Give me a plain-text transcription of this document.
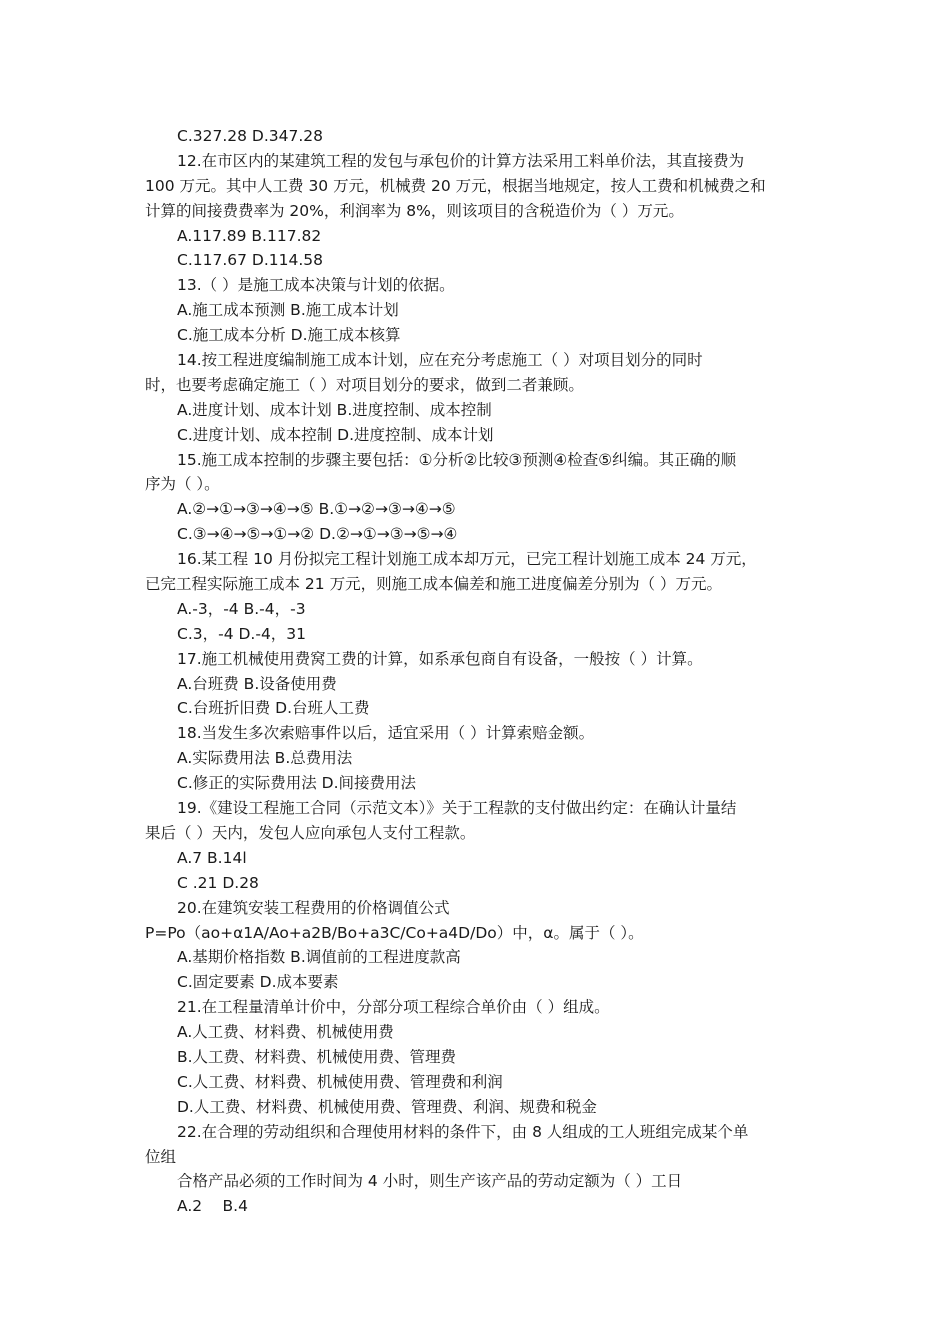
C.327.28 D.347.28
12.在市区内的某建筑工程的发包与承包价的计算方法采用工料单价法，其直接费为
100 万元。其中人工费 30 万元，机械费 20 万元，根据当地规定，按人工费和机械费之和
计算的间接费费率为 20%，利润率为 8%，则该项目的含税造价为（ ）万元。
A.117.89 B.117.82
C.117.67 D.114.58
13.（ ）是施工成本决策与计划的依据。
A.施工成本预测 B.施工成本计划
C.施工成本分析 D.施工成本核算
14.按工程进度编制施工成本计划，应在充分考虑施工（ ）对项目划分的同时
时，也要考虑确定施工（ ）对项目划分的要求，做到二者兼顾。
A.进度计划、成本计划 B.进度控制、成本控制
C.进度计划、成本控制 D.进度控制、成本计划
15.施工成本控制的步骤主要包括：①分析②比较③预测④检查⑤纠编。其正确的顺
序为（ ）。
A.②→①→③→④→⑤ B.①→②→③→④→⑤
C.③→④→⑤→①→② D.②→①→③→⑤→④
16.某工程 10 月份拟完工程计划施工成本却万元，已完工程计划施工成本 24 万元，
已完工程实际施工成本 21 万元，则施工成本偏差和施工进度偏差分别为（ ）万元。
A.-3，-4 B.-4，-3
C.3，-4 D.-4，31
17.施工机械使用费窝工费的计算，如系承包商自有设备，一般按（ ）计算。
A.台班费 B.设备使用费
C.台班折旧费 D.台班人工费
18.当发生多次索赔事件以后，适宜采用（ ）计算索赔金额。
A.实际费用法 B.总费用法
C.修正的实际费用法 D.间接费用法
19.《建设工程施工合同（示范文本）》关于工程款的支付做出约定：在确认计量结
果后（ ）天内，发包人应向承包人支付工程款。
A.7 B.14l
C .21 D.28
20.在建筑安装工程费用的价格调值公式
P=Po（ao+α1A/Ao+a2B/Bo+a3C/Co+a4D/Do）中，α。属于（ ）。
A.基期价格指数 B.调值前的工程进度款高
C.固定要素 D.成本要素
21.在工程量清单计价中，分部分项工程综合单价由（ ）组成。
A.人工费、材料费、机械使用费
B.人工费、材料费、机械使用费、管理费
C.人工费、材料费、机械使用费、管理费和利润
D.人工费、材料费、机械使用费、管理费、利润、规费和税金
22.在合理的劳动组织和合理使用材料的条件下，由 8 人组成的工人班组完成某个单
位组
合格产品必须的工作时间为 4 小时，则生产该产品的劳动定额为（ ）工日
A.2　 B.4
